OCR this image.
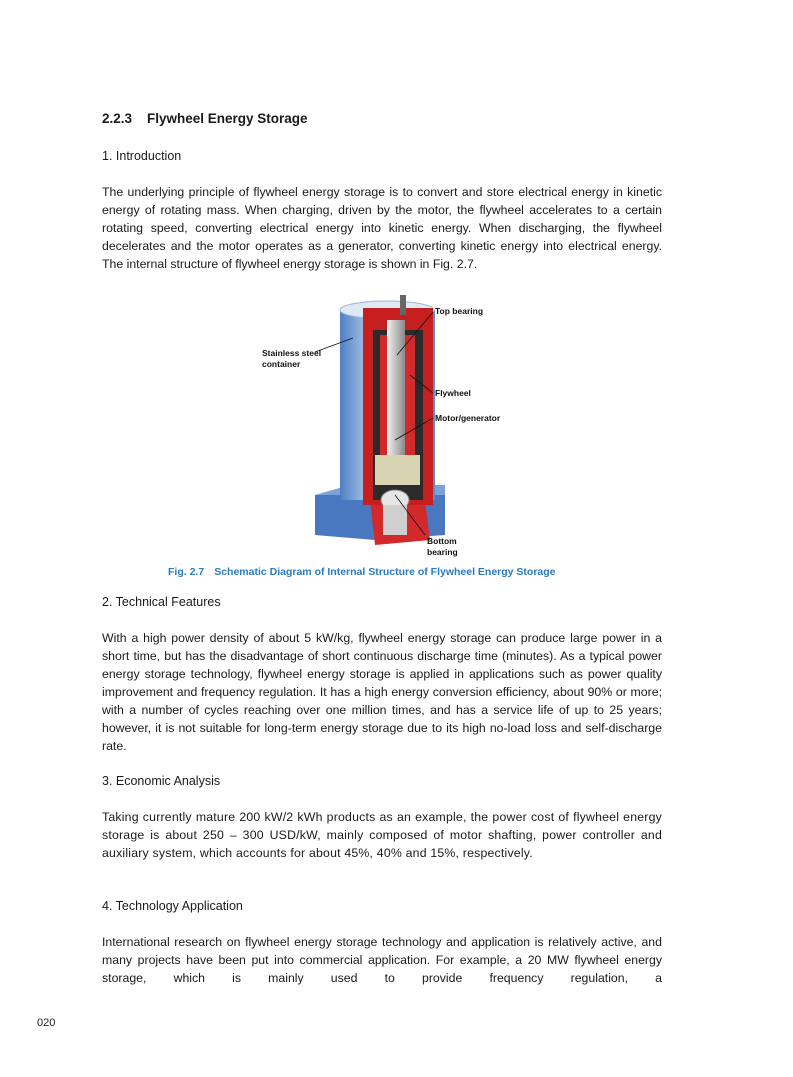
2.2.3 Flywheel Energy Storage
1. Introduction
The underlying principle of flywheel energy storage is to convert and store electrical energy in kinetic energy of rotating mass. When charging, driven by the motor, the flywheel accelerates to a certain rotating speed, converting electrical energy into kinetic energy. When discharging, the flywheel decelerates and the motor operates as a generator, converting kinetic energy into electrical energy. The internal structure of flywheel energy storage is shown in Fig. 2.7.
Top bearing
Stainless steel
container
Flywheel
Motor/generator
Bottom
bearing
Fig. 2.7 Schematic Diagram of Internal Structure of Flywheel Energy Storage
2. Technical Features
With a high power density of about 5 kW/kg, flywheel energy storage can produce large power in a short time, but has the disadvantage of short continuous discharge time (minutes). As a typical power energy storage technology, flywheel energy storage is applied in applications such as power quality improvement and frequency regulation. It has a high energy conversion efficiency, about 90% or more; with a number of cycles reaching over one million times, and has a service life of up to 25 years; however, it is not suitable for long-term energy storage due to its high no-load loss and self-discharge rate.
3. Economic Analysis
Taking currently mature 200 kW/2 kWh products as an example, the power cost of flywheel energy storage is about 250 – 300 USD/kW, mainly composed of motor shafting, power controller and auxiliary system, which accounts for about 45%, 40% and 15%, respectively.
4. Technology Application
International research on flywheel energy storage technology and application is relatively active, and many projects have been put into commercial application. For example, a 20 MW flywheel energy storage, which is mainly used to provide frequency regulation, a
020
